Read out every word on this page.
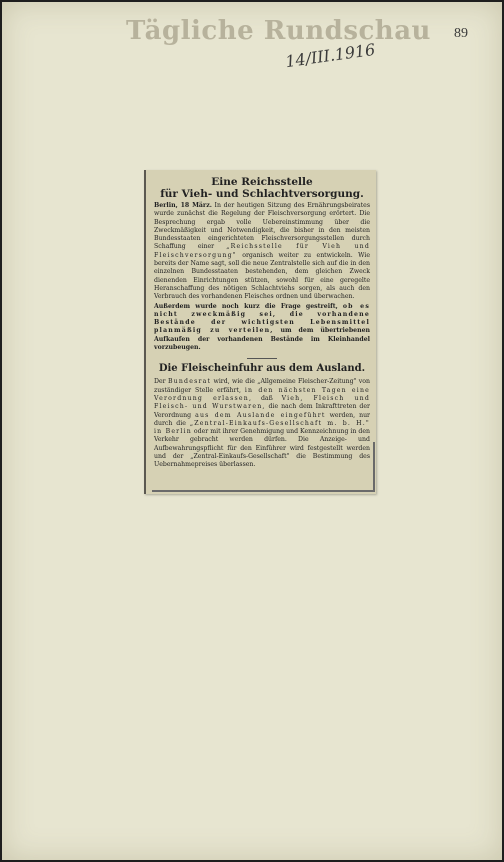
Tägliche Rundschau 89
14/III.1916
Eine Reichsstelle
für Vieh- und Schlachtversorgung.

Berlin, 18 März. In der heutigen Sitzung des Ernährungsbeirates wurde zunächst die Regelung der Fleischversorgung erörtert. Die Besprechung ergab volle Uebereinstimmung über die Zweckmäßigkeit und Notwendigkeit, die bisher in den meisten Bundesstaaten eingerichteten Fleischversorgungsstellen durch Schaffung einer „Reichsstelle für Vieh und Fleischversorgung" organisch weiter zu entwickeln. Wie bereits der Name sagt, soll die neue Zentralstelle sich auf die in den einzelnen Bundesstaaten bestehenden, dem gleichen Zweck dienenden Einrichtungen stützen, sowohl für eine geregelte Heranschaffung des nötigen Schlachtviehs sorgen, als auch den Verbrauch des vorhandenen Fleisches ordnen und überwachen.

Außerdem wurde noch kurz die Frage gestreift, ob es nicht zweckmäßig sei, die vorhandene Bestände der wichtigsten Lebensmittel planmäßig zu verteilen, um dem übertriebenen Aufkaufen der vorhandenen Bestände im Kleinhandel vorzubeugen.

Die Fleischeinfuhr aus dem Ausland.

Der Bundesrat wird, wie die „Allgemeine Fleischer-Zeitung" von zuständiger Stelle erfährt, in den nächsten Tagen eine Verordnung erlassen, daß Vieh, Fleisch und Fleisch- und Wurstwaren, die nach dem Inkrafttreten der Verordnung aus dem Auslande eingeführt werden, nur durch die „Zentral-Einkaufs-Gesellschaft m. b. H." in Berlin oder mit ihrer Genehmigung und Kennzeichnung in den Verkehr gebracht werden dürfen. Die Anzeige- und Aufbewahrungspflicht für den Einführer wird festgestellt werden und der „Zentral-Einkaufs-Gesellschaft" die Bestimmung des Uebernahmepreises überlassen.
